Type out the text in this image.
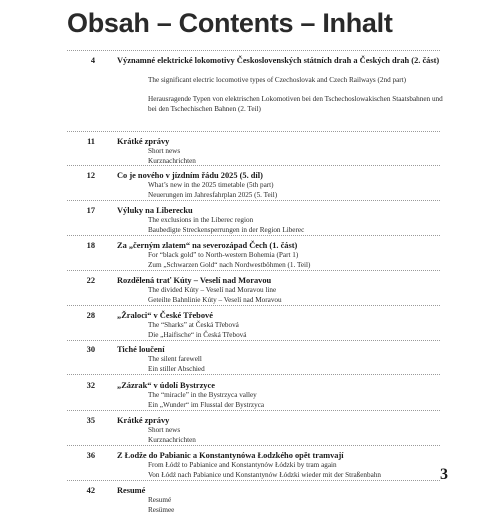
Obsah – Contents – Inhalt
4	Významné elektrické lokomotivy Československých státních drah a Českých drah (2. část)
The significant electric locomotive types of Czechoslovak and Czech Railways (2nd part)
Herausragende Typen von elektrischen Lokomotiven bei den Tschechoslowakischen Staatsbahnen und bei den Tschechischen Bahnen (2. Teil)
11	Krátké zprávy
Short news
Kurznachrichten
12	Co je nového v jízdním řádu 2025 (5. díl)
What’s new in the 2025 timetable (5th part)
Neuerungen im Jahresfahrplan 2025 (5. Teil)
17	Výluky na Liberecku
The exclusions in the Liberec region
Baubedigte Streckensperrungen in der Region Liberec
18	Za „černým zlatem“ na severozápad Čech (1. část)
For “black gold” to North-western Bohemia (Part 1)
Zum „Schwarzen Gold“ nach Nordwestböhmen (1. Teil)
22	Rozdělená trať Kúty – Veselí nad Moravou
The divided Kúty – Veselí nad Moravou line
Geteilte Bahnlinie Kúty – Veselí nad Moravou
28	„Žraloci“ v České Třebové
The “Sharks” at Česká Třebová
Die „Haifische“ in Česká Třebová
30	Tiché loučení
The silent farewell
Ein stiller Abschied
32	„Zázrak“ v údolí Bystrzyce
The “miracle” in the Bystrzyca valley
Ein „Wunder“ im Flusstal der Bystrzyca
35	Krátké zprávy
Short news
Kurznachrichten
36	Z Łodže do Pabianic a Konstantynówa Łodzkého opět tramvají
From Łódź to Pabianice and Konstantynów Łódzki by tram again
Von Łódź nach Pabianice und Konstantynów Łódzki wieder mit der Straßenbahn
42	Resumé
Resumé
Resümee
3
